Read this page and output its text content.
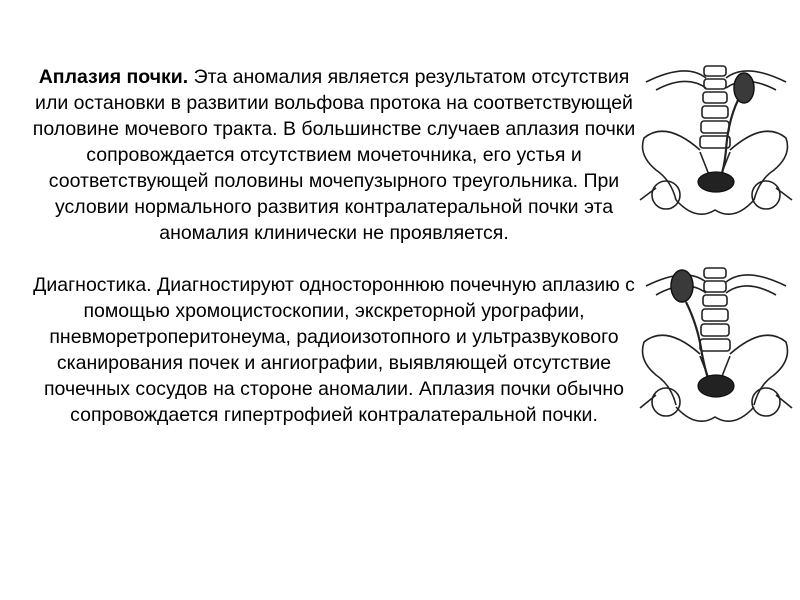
Аплазия почки. Эта аномалия является результатом отсутствия или остановки в развитии вольфова протока на соответствующей половине мочевого тракта. В большинстве случаев аплазия почки сопровождается отсутствием мочеточника, его устья и соответствующей половины мочепузырного треугольника. При условии нормального развития контралатеральной почки эта аномалия клинически не проявляется.

Диагностика. Диагностируют одностороннюю почечную аплазию с помощью хромоцистоскопии, экскреторной урографии, пневморетроперитонеума, радиоизотопного и ультразвукового сканирования почек и ангиографии, выявляющей отсутствие почечных сосудов на стороне аномалии. Аплазия почки обычно сопровождается гипертрофией контралатеральной почки.
